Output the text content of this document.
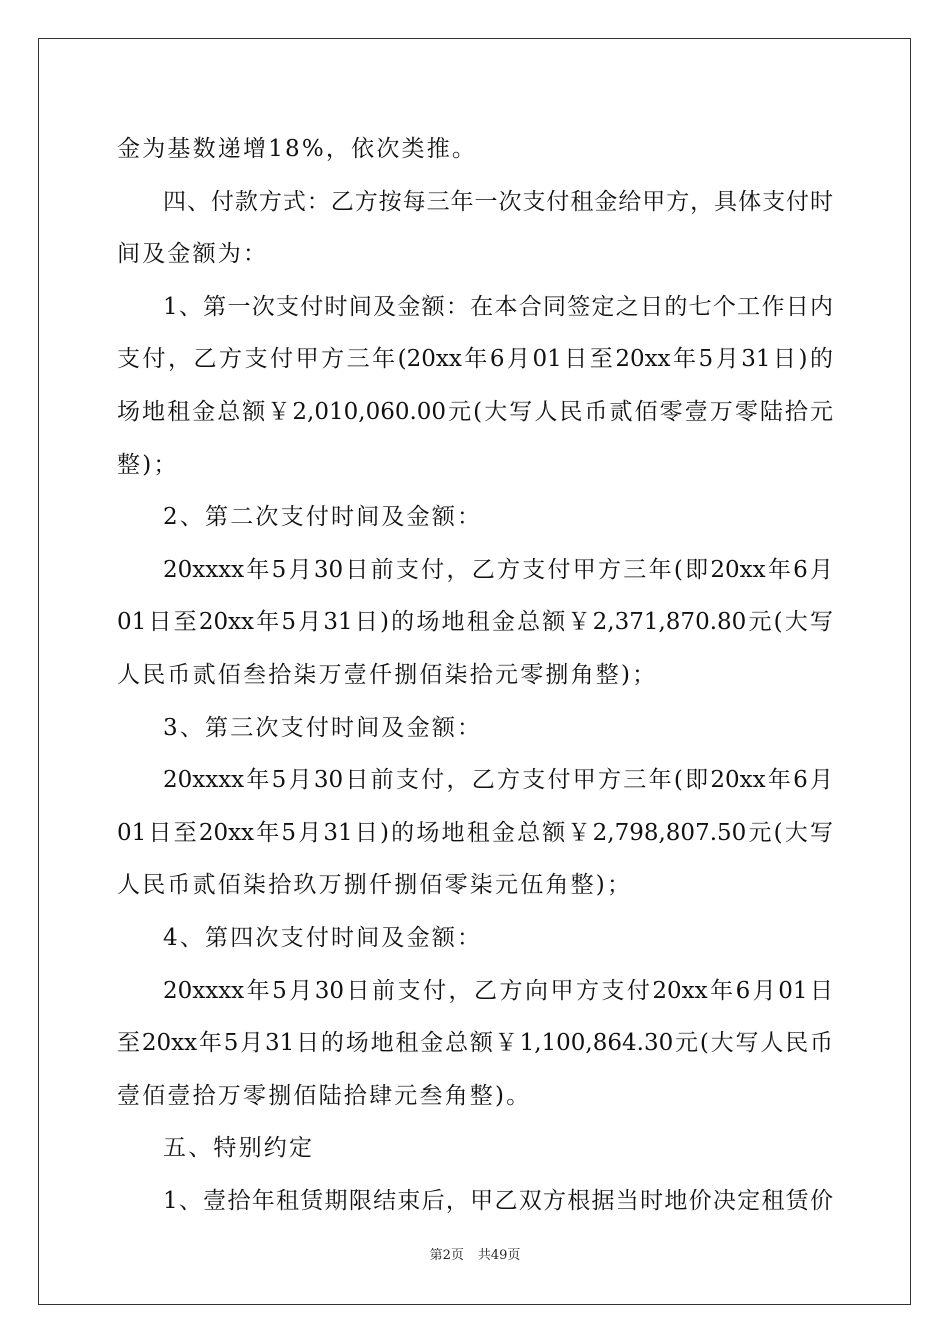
金为基数递增18%，依次类推。
四、付款方式：乙方按每三年一次支付租金给甲方，具体支付时
间及金额为：
1、第一次支付时间及金额：在本合同签定之日的七个工作日内
支付，乙方支付甲方三年(20xx年6月01日至20xx年5月31日)的
场地租金总额￥2,010,060.00元(大写人民币贰佰零壹万零陆拾元
整)；
2、第二次支付时间及金额：
20xxxx年5月30日前支付，乙方支付甲方三年(即20xx年6月
01日至20xx年5月31日)的场地租金总额￥2,371,870.80元(大写
人民币贰佰叁拾柒万壹仟捌佰柒拾元零捌角整)；
3、第三次支付时间及金额：
20xxxx年5月30日前支付，乙方支付甲方三年(即20xx年6月
01日至20xx年5月31日)的场地租金总额￥2,798,807.50元(大写
人民币贰佰柒拾玖万捌仟捌佰零柒元伍角整)；
4、第四次支付时间及金额：
20xxxx年5月30日前支付，乙方向甲方支付20xx年6月01日
至20xx年5月31日的场地租金总额￥1,100,864.30元(大写人民币
壹佰壹拾万零捌佰陆拾肆元叁角整)。
五、特别约定
1、壹拾年租赁期限结束后，甲乙双方根据当时地价决定租赁价
第2页 共49页
